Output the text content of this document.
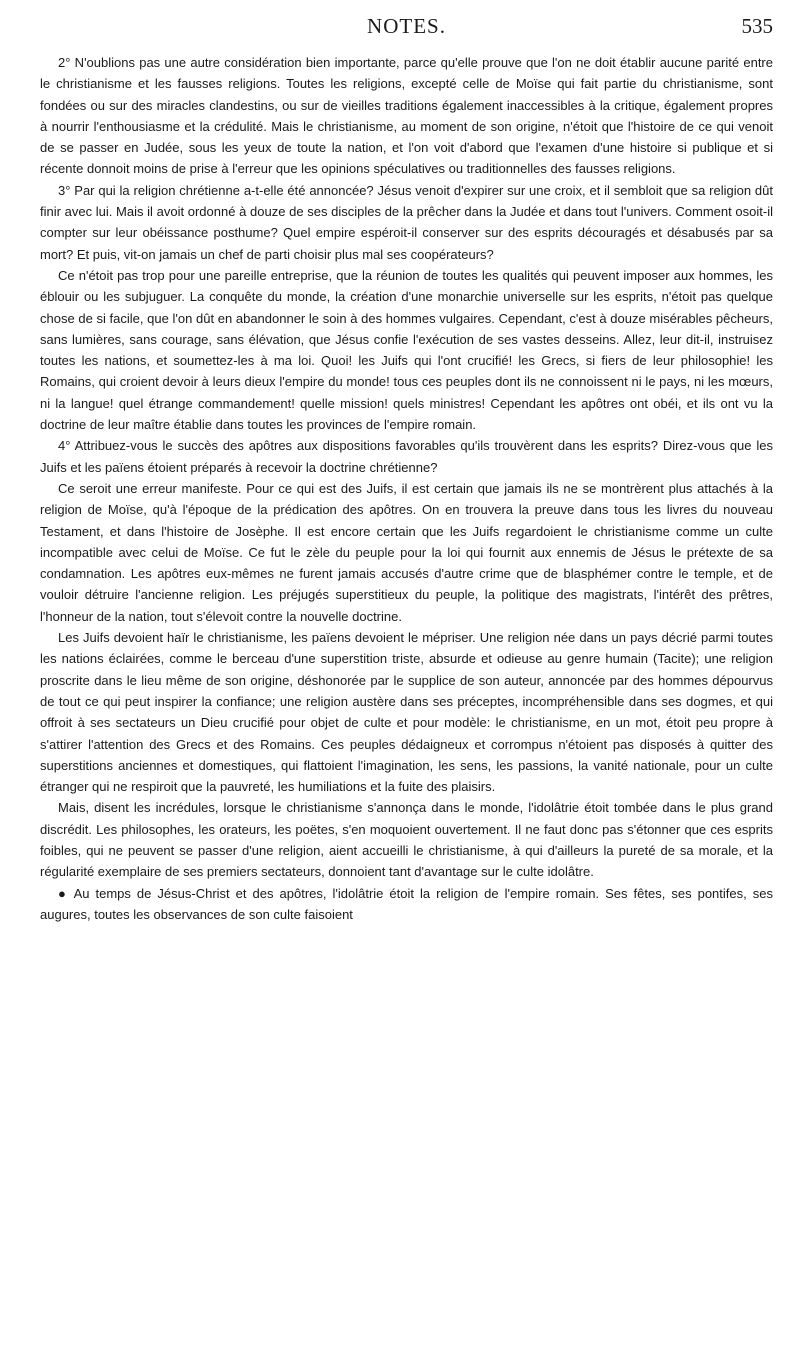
NOTES.	535

2° N'oublions pas une autre considération bien importante, parce qu'elle prouve que l'on ne doit établir aucune parité entre le christianisme et les fausses religions. Toutes les religions, excepté celle de Moïse qui fait partie du christianisme, sont fondées ou sur des miracles clandestins, ou sur de vieilles traditions également inaccessibles à la critique, également propres à nourrir l'enthousiasme et la crédulité. Mais le christianisme, au moment de son origine, n'étoit que l'histoire de ce qui venoit de se passer en Judée, sous les yeux de toute la nation, et l'on voit d'abord que l'examen d'une histoire si publique et si récente donnoit moins de prise à l'erreur que les opinions spéculatives ou traditionnelles des fausses religions.

3° Par qui la religion chrétienne a-t-elle été annoncée? Jésus venoit d'expirer sur une croix, et il sembloit que sa religion dût finir avec lui. Mais il avoit ordonné à douze de ses disciples de la prêcher dans la Judée et dans tout l'univers. Comment osoit-il compter sur leur obéissance posthume? Quel empire espéroit-il conserver sur des esprits découragés et désabusés par sa mort? Et puis, vit-on jamais un chef de parti choisir plus mal ses coopérateurs?

Ce n'étoit pas trop pour une pareille entreprise, que la réunion de toutes les qualités qui peuvent imposer aux hommes, les éblouir ou les subjuguer. La conquête du monde, la création d'une monarchie universelle sur les esprits, n'étoit pas quelque chose de si facile, que l'on dût en abandonner le soin à des hommes vulgaires. Cependant, c'est à douze misérables pêcheurs, sans lumières, sans courage, sans élévation, que Jésus confie l'exécution de ses vastes desseins. Allez, leur dit-il, instruisez toutes les nations, et soumettez-les à ma loi. Quoi! les Juifs qui l'ont crucifié! les Grecs, si fiers de leur philosophie! les Romains, qui croient devoir à leurs dieux l'empire du monde! tous ces peuples dont ils ne connoissent ni le pays, ni les mœurs, ni la langue! quel étrange commandement! quelle mission! quels ministres! Cependant les apôtres ont obéi, et ils ont vu la doctrine de leur maître établie dans toutes les provinces de l'empire romain.

4° Attribuez-vous le succès des apôtres aux dispositions favorables qu'ils trouvèrent dans les esprits? Direz-vous que les Juifs et les païens étoient préparés à recevoir la doctrine chrétienne?

Ce seroit une erreur manifeste. Pour ce qui est des Juifs, il est certain que jamais ils ne se montrèrent plus attachés à la religion de Moïse, qu'à l'époque de la prédication des apôtres. On en trouvera la preuve dans tous les livres du nouveau Testament, et dans l'histoire de Josèphe. Il est encore certain que les Juifs regardoient le christianisme comme un culte incompatible avec celui de Moïse. Ce fut le zèle du peuple pour la loi qui fournit aux ennemis de Jésus le prétexte de sa condamnation. Les apôtres eux-mêmes ne furent jamais accusés d'autre crime que de blasphémer contre le temple, et de vouloir détruire l'ancienne religion. Les préjugés superstitieux du peuple, la politique des magistrats, l'intérêt des prêtres, l'honneur de la nation, tout s'élevoit contre la nouvelle doctrine.

Les Juifs devoient haïr le christianisme, les païens devoient le mépriser. Une religion née dans un pays décrié parmi toutes les nations éclairées, comme le berceau d'une superstition triste, absurde et odieuse au genre humain (Tacite); une religion proscrite dans le lieu même de son origine, déshonorée par le supplice de son auteur, annoncée par des hommes dépourvus de tout ce qui peut inspirer la confiance; une religion austère dans ses préceptes, incompréhensible dans ses dogmes, et qui offroit à ses sectateurs un Dieu crucifié pour objet de culte et pour modèle: le christianisme, en un mot, étoit peu propre à s'attirer l'attention des Grecs et des Romains. Ces peuples dédaigneux et corrompus n'étoient pas disposés à quitter des superstitions anciennes et domestiques, qui flattoient l'imagination, les sens, les passions, la vanité nationale, pour un culte étranger qui ne respiroit que la pauvreté, les humiliations et la fuite des plaisirs.

Mais, disent les incrédules, lorsque le christianisme s'annonça dans le monde, l'idolâtrie étoit tombée dans le plus grand discrédit. Les philosophes, les orateurs, les poëtes, s'en moquoient ouvertement. Il ne faut donc pas s'étonner que ces esprits foibles, qui ne peuvent se passer d'une religion, aient accueilli le christianisme, à qui d'ailleurs la pureté de sa morale, et la régularité exemplaire de ses premiers sectateurs, donnoient tant d'avantage sur le culte idolâtre.

● Au temps de Jésus-Christ et des apôtres, l'idolâtrie étoit la religion de l'empire romain. Ses fêtes, ses pontifes, ses augures, toutes les observances de son culte faisoient
